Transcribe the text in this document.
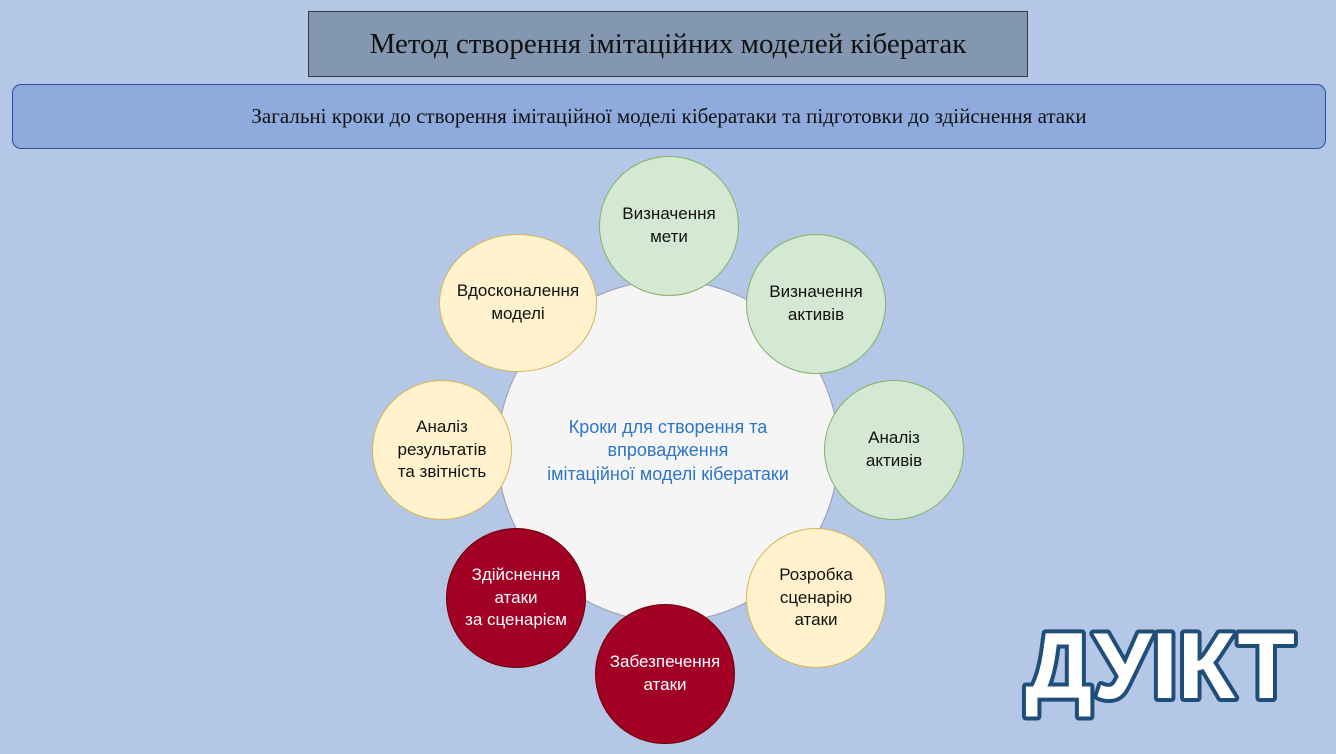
Метод створення імітаційних моделей кібератак
Загальні кроки до створення імітаційної моделі кібератаки та підготовки до здійснення атаки
Кроки для створення та
впровадження
імітаційної моделі кібератаки
Визначення
мети
Визначення
активів
Аналіз
активів
Розробка
сценарію
атаки
Забезпечення
атаки
Здійснення
атаки
за сценарієм
Аналіз
результатів
та звітність
Вдосконалення
моделі
ДУІКТ
